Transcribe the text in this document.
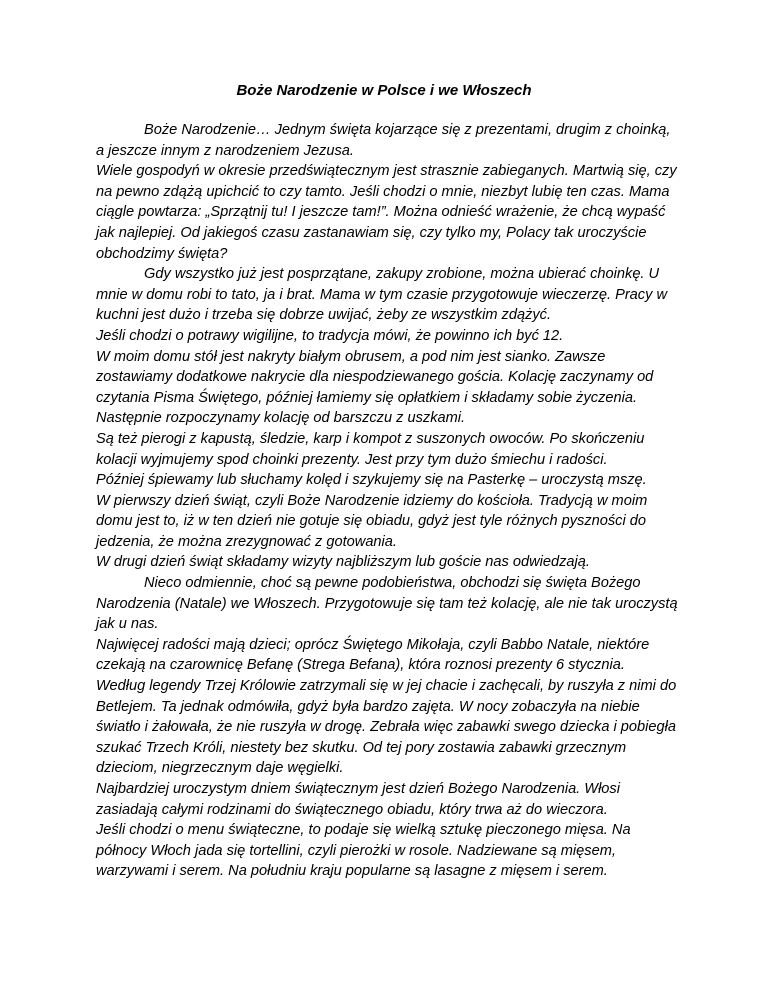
Boże Narodzenie w Polsce i we Włoszech

Boże Narodzenie… Jednym święta kojarzące się z prezentami, drugim z choinką, a jeszcze innym z narodzeniem Jezusa.

Wiele gospodyń w okresie przedświątecznym jest strasznie zabieganych. Martwią się, czy na pewno zdążą upichcić to czy tamto. Jeśli chodzi o mnie, niezbyt lubię ten czas. Mama ciągle powtarza: „Sprzątnij tu! I jeszcze tam!”. Można odnieść wrażenie, że chcą wypaść jak najlepiej. Od jakiegoś czasu zastanawiam się, czy tylko my, Polacy tak uroczyście obchodzimy święta?

Gdy wszystko już jest posprzątane, zakupy zrobione, można ubierać choinkę. U mnie w domu robi to tato, ja i brat. Mama w tym czasie przygotowuje wieczerzę. Pracy w kuchni jest dużo i trzeba się dobrze uwijać, żeby ze wszystkim zdążyć.

Jeśli chodzi o potrawy wigilijne, to tradycja mówi, że powinno ich być 12.

W moim domu stół jest nakryty białym obrusem, a pod nim jest sianko. Zawsze zostawiamy dodatkowe nakrycie dla niespodziewanego gościa. Kolację zaczynamy od czytania Pisma Świętego, później łamiemy się opłatkiem i składamy sobie życzenia. Następnie rozpoczynamy kolację od barszczu z uszkami.

Są też pierogi z kapustą, śledzie, karp i kompot z suszonych owoców. Po skończeniu kolacji wyjmujemy spod choinki prezenty. Jest przy tym dużo śmiechu i radości.

Później śpiewamy lub słuchamy kolęd i szykujemy się na Pasterkę – uroczystą mszę.

W pierwszy dzień świąt, czyli Boże Narodzenie idziemy do kościoła. Tradycją w moim domu jest to, iż w ten dzień nie gotuje się obiadu, gdyż jest tyle różnych pyszności do jedzenia, że można zrezygnować z gotowania.

W drugi dzień świąt składamy wizyty najbliższym lub goście nas odwiedzają.

Nieco odmiennie, choć są pewne podobieństwa, obchodzi się święta Bożego Narodzenia (Natale) we Włoszech. Przygotowuje się tam też kolację, ale nie tak uroczystą jak u nas.

Najwięcej radości mają dzieci; oprócz Świętego Mikołaja, czyli Babbo Natale, niektóre czekają na czarownicę Befanę (Strega Befana), która roznosi prezenty 6 stycznia.

Według legendy Trzej Królowie zatrzymali się w jej chacie i zachęcali, by ruszyła z nimi do Betlejem. Ta jednak odmówiła, gdyż była bardzo zajęta. W nocy zobaczyła na niebie światło i żałowała, że nie ruszyła w drogę. Zebrała więc zabawki swego dziecka i pobiegła szukać Trzech Króli, niestety bez skutku. Od tej pory zostawia zabawki grzecznym dzieciom, niegrzecznym daje węgielki.

Najbardziej uroczystym dniem świątecznym jest dzień Bożego Narodzenia. Włosi zasiadają całymi rodzinami do świątecznego obiadu, który trwa aż do wieczora.

Jeśli chodzi o menu świąteczne, to podaje się wielką sztukę pieczonego mięsa. Na północy Włoch jada się tortellini, czyli pierożki w rosole. Nadziewane są mięsem, warzywami i serem. Na południu kraju popularne są lasagne z mięsem i serem.
